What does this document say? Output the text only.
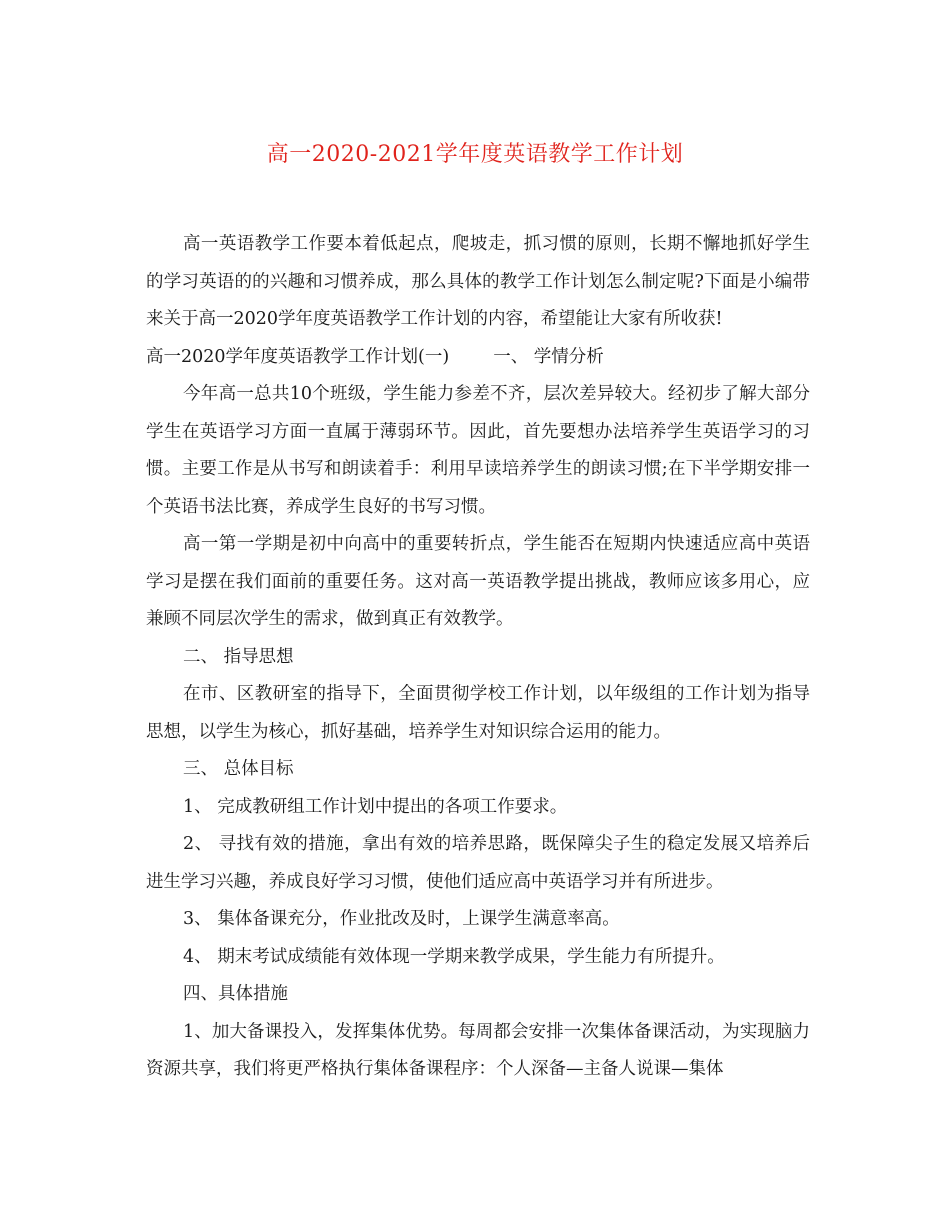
高一2020-2021学年度英语教学工作计划

高一英语教学工作要本着低起点，爬坡走，抓习惯的原则，长期不懈地抓好学生的学习英语的的兴趣和习惯养成，那么具体的教学工作计划怎么制定呢?下面是小编带来关于高一2020学年度英语教学工作计划的内容，希望能让大家有所收获!

高一2020学年度英语教学工作计划(一)	一、 学情分析

今年高一总共10个班级，学生能力参差不齐，层次差异较大。经初步了解大部分学生在英语学习方面一直属于薄弱环节。因此，首先要想办法培养学生英语学习的习惯。主要工作是从书写和朗读着手：利用早读培养学生的朗读习惯;在下半学期安排一个英语书法比赛，养成学生良好的书写习惯。

高一第一学期是初中向高中的重要转折点，学生能否在短期内快速适应高中英语学习是摆在我们面前的重要任务。这对高一英语教学提出挑战，教师应该多用心，应兼顾不同层次学生的需求，做到真正有效教学。

二、 指导思想

在市、区教研室的指导下，全面贯彻学校工作计划，以年级组的工作计划为指导思想，以学生为核心，抓好基础，培养学生对知识综合运用的能力。

三、 总体目标

1、 完成教研组工作计划中提出的各项工作要求。

2、 寻找有效的措施，拿出有效的培养思路，既保障尖子生的稳定发展又培养后进生学习兴趣，养成良好学习习惯，使他们适应高中英语学习并有所进步。

3、 集体备课充分，作业批改及时，上课学生满意率高。

4、 期末考试成绩能有效体现一学期来教学成果，学生能力有所提升。

四、具体措施

1、加大备课投入，发挥集体优势。每周都会安排一次集体备课活动，为实现脑力资源共享，我们将更严格执行集体备课程序：个人深备—主备人说课—集体
